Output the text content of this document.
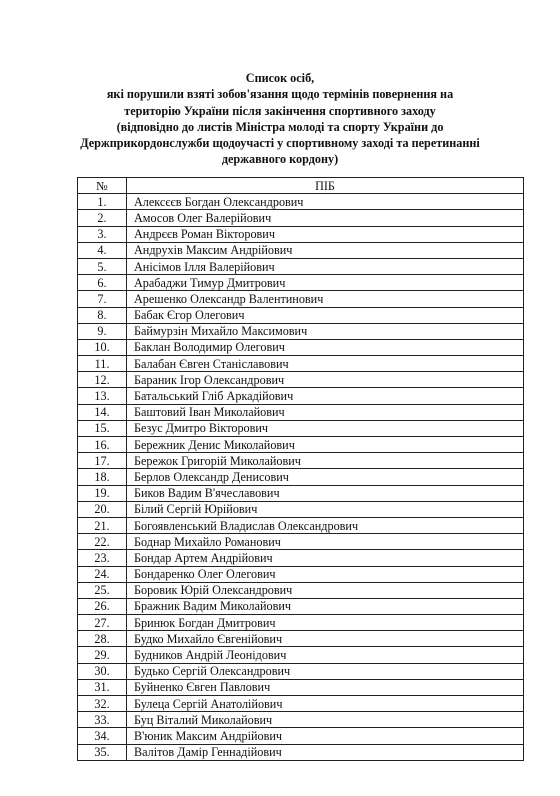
Список осіб,
які порушили взяті зобов'язання щодо термінів повернення на
територію України після закінчення спортивного заходу
(відповідно до листів Міністра молоді та спорту України до
Держприкордонслужби щодоучасті у спортивному заході та перетинанні
державного кордону)
№	ПІБ
1.	Алексєєв Богдан Олександрович
2.	Амосов Олег Валерійович
3.	Андрєєв Роман Вікторович
4.	Андрухів Максим Андрійович
5.	Анісімов Ілля Валерійович
6.	Арабаджи Тимур Дмитрович
7.	Арешенко Олександр Валентинович
8.	Бабак Єгор Олегович
9.	Баймурзін Михайло Максимович
10.	Баклан Володимир Олегович
11.	Балабан Євген Станіславович
12.	Бараник Ігор Олександрович
13.	Батальський Гліб Аркадійович
14.	Баштовий Іван Миколайович
15.	Безус Дмитро Вікторович
16.	Бережник Денис Миколайович
17.	Бережок Григорій Миколайович
18.	Берлов Олександр Денисович
19.	Биков Вадим В'ячеславович
20.	Білий Сергій Юрійович
21.	Богоявленський Владислав Олександрович
22.	Боднар Михайло Романович
23.	Бондар Артем Андрійович
24.	Бондаренко Олег Олегович
25.	Боровик Юрій Олександрович
26.	Бражник Вадим Миколайович
27.	Бринюк Богдан Дмитрович
28.	Будко Михайло Євгенійович
29.	Будников Андрій Леонідович
30.	Будько Сергій Олександрович
31.	Буйненко Євген Павлович
32.	Булеца Сергій Анатолійович
33.	Буц Віталий Миколайович
34.	В'юник Максим Андрійович
35.	Валітов Дамір Геннадійович
